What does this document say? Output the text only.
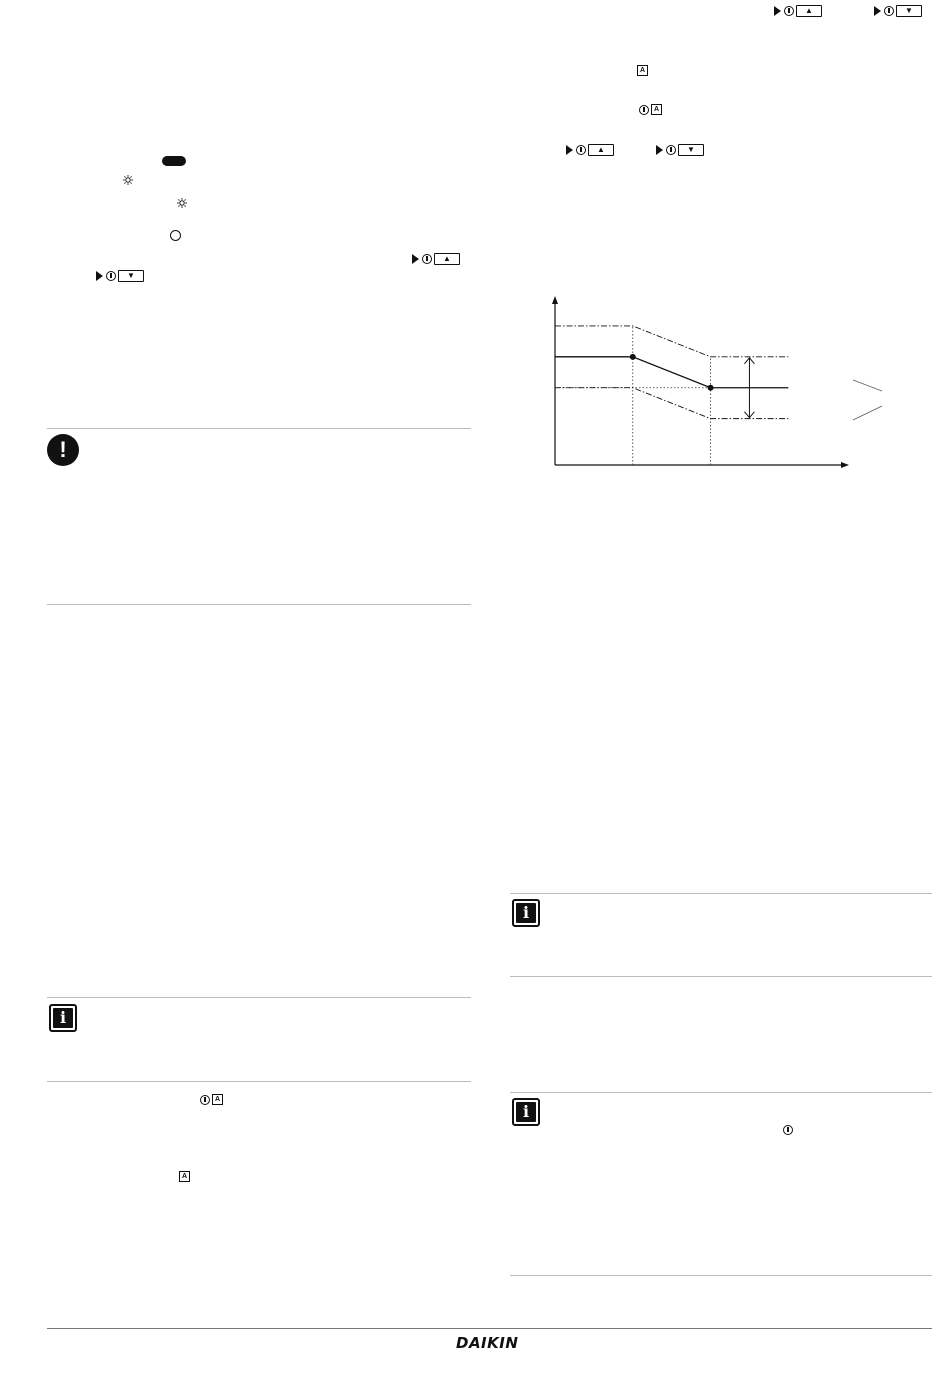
▲	▼
A
A
▲	▼
▲
▼
!
i
A
A
i
i
DAIKIN
